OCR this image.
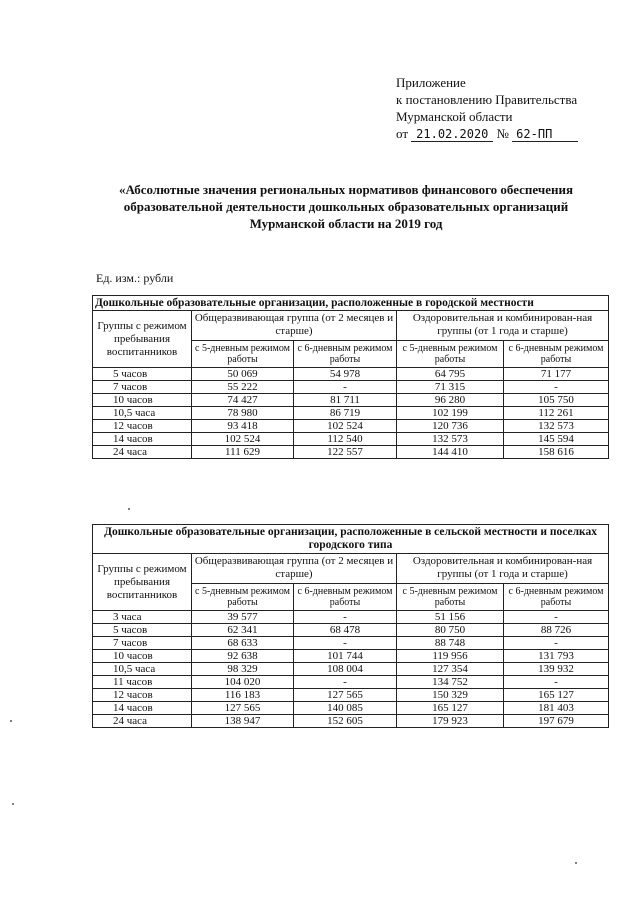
Приложение
к постановлению Правительства
Мурманской области
от 21.02.2020 № 62-ПП
«Абсолютные значения региональных нормативов финансового обеспечения образовательной деятельности дошкольных образовательных организаций Мурманской области на 2019 год
Ед. изм.: рубли
Дошкольные образовательные организации, расположенные в городской местности				
Группы с режимом пребывания воспитанников	Общеразвивающая группа (от 2 месяцев и старше)		Оздоровительная и комбинирован-ная группы (от 1 года и старше)	
	с 5-дневным режимом работы	с 6-дневным режимом работы	с 5-дневным режимом работы	с 6-дневным режимом работы
5 часов	50 069	54 978	64 795	71 177
7 часов	55 222	-	71 315	-
10 часов	74 427	81 711	96 280	105 750
10,5 часа	78 980	86 719	102 199	112 261
12 часов	93 418	102 524	120 736	132 573
14 часов	102 524	112 540	132 573	145 594
24 часа	111 629	122 557	144 410	158 616
Дошкольные образовательные организации, расположенные в сельской местности и поселках городского типа				
Группы с режимом пребывания воспитанников	Общеразвивающая группа (от 2 месяцев и старше)		Оздоровительная и комбинирован-ная группы (от 1 года и старше)	
	с 5-дневным режимом работы	с 6-дневным режимом работы	с 5-дневным режимом работы	с 6-дневным режимом работы
3 часа	39 577	-	51 156	-
5 часов	62 341	68 478	80 750	88 726
7 часов	68 633	-	88 748	-
10 часов	92 638	101 744	119 956	131 793
10,5 часа	98 329	108 004	127 354	139 932
11 часов	104 020	-	134 752	-
12 часов	116 183	127 565	150 329	165 127
14 часов	127 565	140 085	165 127	181 403
24 часа	138 947	152 605	179 923	197 679
